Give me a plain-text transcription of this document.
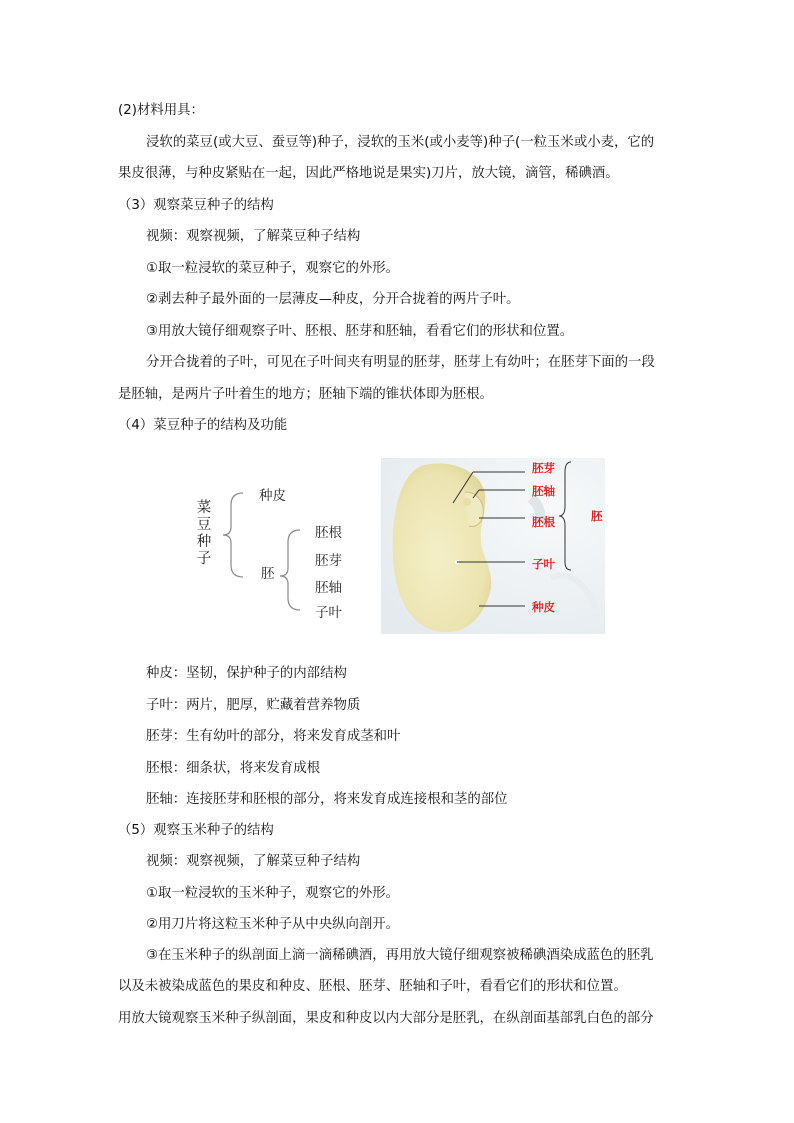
(2)材料用具：
浸软的菜豆(或大豆、蚕豆等)种子，浸软的玉米(或小麦等)种子(一粒玉米或小麦，它的
果皮很薄，与种皮紧贴在一起，因此严格地说是果实)刀片，放大镜，滴管，稀碘酒。
（3）观察菜豆种子的结构
视频：观察视频，了解菜豆种子结构
①取一粒浸软的菜豆种子，观察它的外形。
②剥去种子最外面的一层薄皮—种皮，分开合拢着的两片子叶。
③用放大镜仔细观察子叶、胚根、胚芽和胚轴，看看它们的形状和位置。
分开合拢着的子叶，可见在子叶间夹有明显的胚芽，胚芽上有幼叶；在胚芽下面的一段
是胚轴，是两片子叶着生的地方；胚轴下端的锥状体即为胚根。
（4）菜豆种子的结构及功能
菜
豆
种
子
种皮
胚
胚根
胚芽
胚轴
子叶
胚芽
胚轴
胚根
子叶
种皮
胚
种皮：坚韧，保护种子的内部结构
子叶：两片，肥厚，贮藏着营养物质
胚芽：生有幼叶的部分，将来发育成茎和叶
胚根：细条状，将来发育成根
胚轴：连接胚芽和胚根的部分，将来发育成连接根和茎的部位
（5）观察玉米种子的结构
视频：观察视频，了解菜豆种子结构
①取一粒浸软的玉米种子，观察它的外形。
②用刀片将这粒玉米种子从中央纵向剖开。
③在玉米种子的纵剖面上滴一滴稀碘酒，再用放大镜仔细观察被稀碘酒染成蓝色的胚乳
以及未被染成蓝色的果皮和种皮、胚根、胚芽、胚轴和子叶，看看它们的形状和位置。
用放大镜观察玉米种子纵剖面，果皮和种皮以内大部分是胚乳，在纵剖面基部乳白色的部分
